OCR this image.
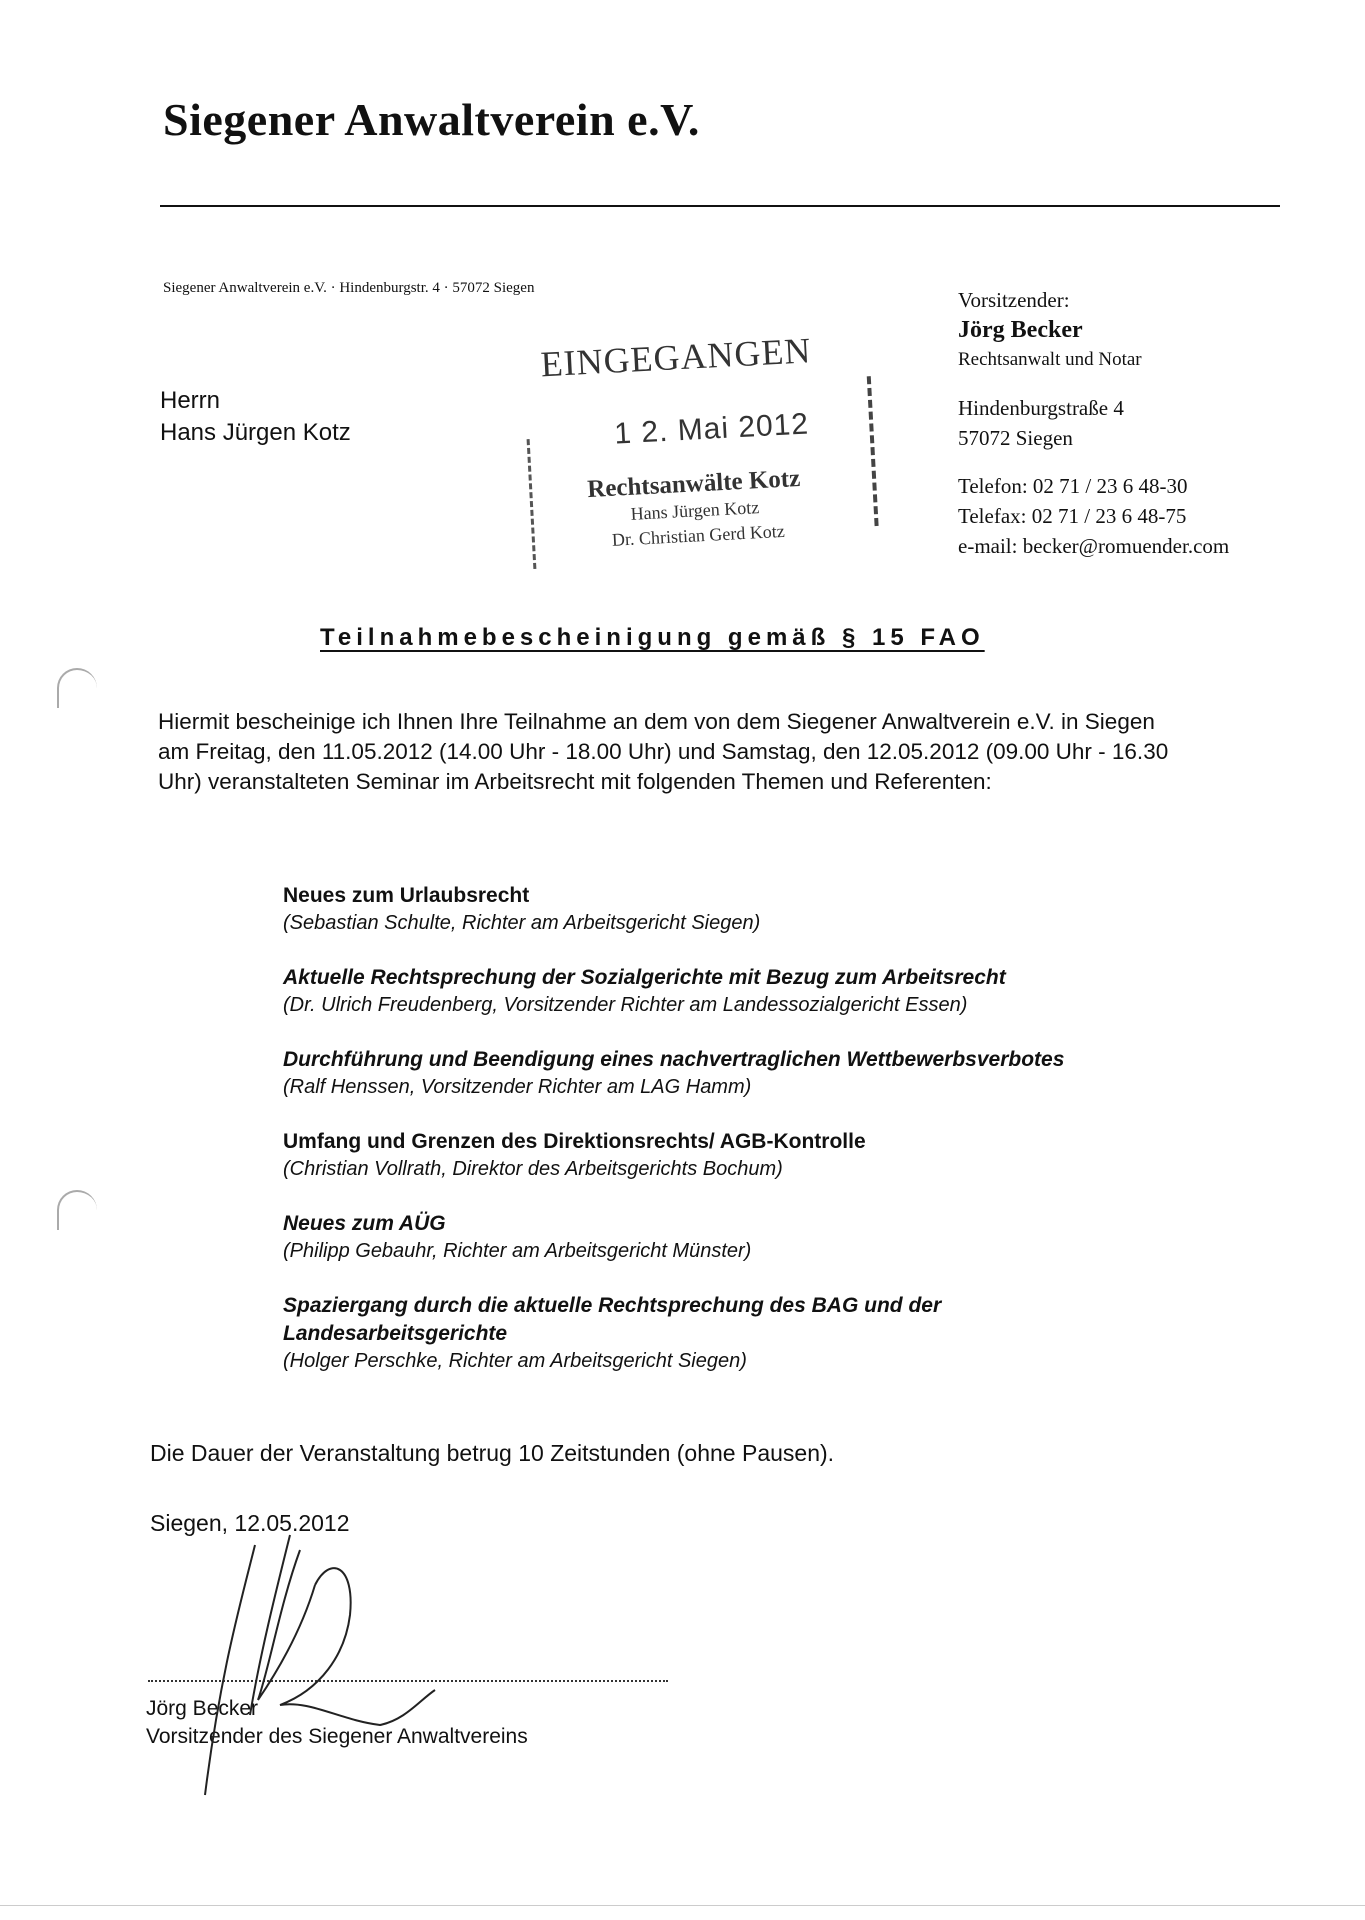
Siegener Anwaltverein e.V.
Siegener Anwaltverein e.V. · Hindenburgstr. 4 · 57072 Siegen
Herrn
Hans Jürgen Kotz
Vorsitzender:
Jörg Becker
Rechtsanwalt und Notar
Hindenburgstraße 4
57072 Siegen
Telefon: 02 71 / 23 6 48-30
Telefax: 02 71 / 23 6 48-75
e-mail: becker@romuender.com
EINGEGANGEN
1 2. Mai 2012
Rechtsanwälte Kotz
Hans Jürgen Kotz
Dr. Christian Gerd Kotz
Teilnahmebescheinigung gemäß § 15 FAO
Hiermit bescheinige ich Ihnen Ihre Teilnahme an dem von dem Siegener Anwaltverein e.V. in Siegen am Freitag, den 11.05.2012 (14.00 Uhr - 18.00 Uhr) und Samstag, den 12.05.2012 (09.00 Uhr - 16.30 Uhr) veranstalteten Seminar im Arbeitsrecht mit folgenden Themen und Referenten:
Neues zum Urlaubsrecht
(Sebastian Schulte, Richter am Arbeitsgericht Siegen)
Aktuelle Rechtsprechung der Sozialgerichte mit Bezug zum Arbeitsrecht
(Dr. Ulrich Freudenberg, Vorsitzender Richter am Landessozialgericht Essen)
Durchführung und Beendigung eines nachvertraglichen Wettbewerbsverbotes
(Ralf Henssen, Vorsitzender Richter am LAG Hamm)
Umfang und Grenzen des Direktionsrechts/ AGB-Kontrolle
(Christian Vollrath, Direktor des Arbeitsgerichts Bochum)
Neues zum AÜG
(Philipp Gebauhr, Richter am Arbeitsgericht Münster)
Spaziergang durch die aktuelle Rechtsprechung des BAG und der Landesarbeitsgerichte
(Holger Perschke, Richter am Arbeitsgericht Siegen)
Die Dauer der Veranstaltung betrug 10 Zeitstunden (ohne Pausen).
Siegen, 12.05.2012
Jörg Becker
Vorsitzender des Siegener Anwaltvereins
